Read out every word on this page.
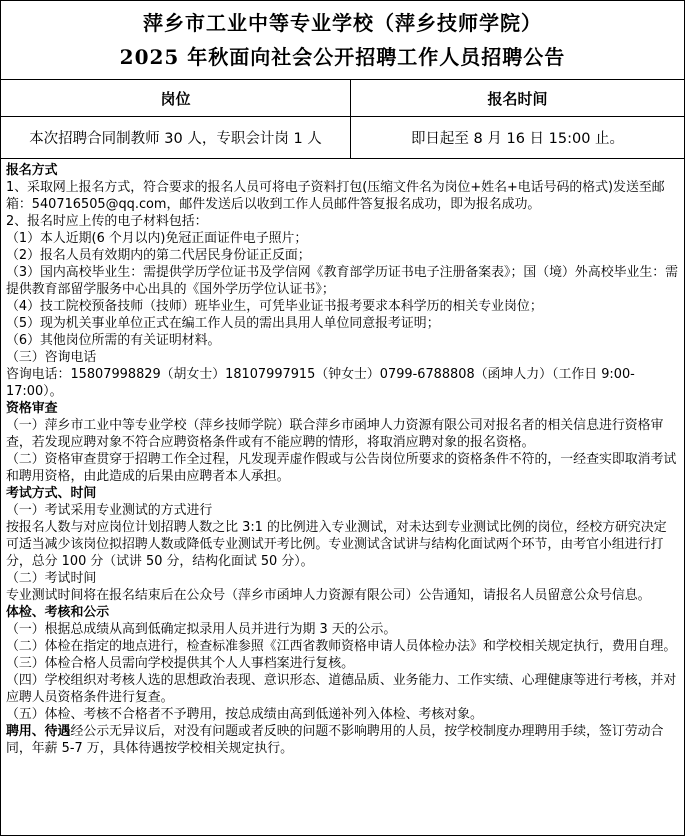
萍乡市工业中等专业学校（萍乡技师学院）
2025 年秋面向社会公开招聘工作人员招聘公告
岗位	报名时间
本次招聘合同制教师 30 人，专职会计岗 1 人	即日起至 8 月 16 日 15:00 止。

报名方式

1、采取网上报名方式，符合要求的报名人员可将电子资料打包(压缩文件名为岗位+姓名+电话号码的格式)发送至邮箱：540716505@qq.com，邮件发送后以收到工作人员邮件答复报名成功，即为报名成功。

2、报名时应上传的电子材料包括：

（1）本人近期(6 个月以内)免冠正面证件电子照片；

（2）报名人员有效期内的第二代居民身份证正反面；

（3）国内高校毕业生：需提供学历学位证书及学信网《教育部学历证书电子注册备案表》；国（境）外高校毕业生：需提供教育部留学服务中心出具的《国外学历学位认证书》；

（4）技工院校预备技师（技师）班毕业生，可凭毕业证书报考要求本科学历的相关专业岗位；

（5）现为机关事业单位正式在编工作人员的需出具用人单位同意报考证明；

（6）其他岗位所需的有关证明材料。

（三）咨询电话

咨询电话：15807998829（胡女士）18107997915（钟女士）0799-6788808（函坤人力）（工作日 9:00-17:00）。

资格审查

（一）萍乡市工业中等专业学校（萍乡技师学院）联合萍乡市函坤人力资源有限公司对报名者的相关信息进行资格审查，若发现应聘对象不符合应聘资格条件或有不能应聘的情形，将取消应聘对象的报名资格。

（二）资格审查贯穿于招聘工作全过程，凡发现弄虚作假或与公告岗位所要求的资格条件不符的，一经查实即取消考试和聘用资格，由此造成的后果由应聘者本人承担。

考试方式、时间

（一）考试采用专业测试的方式进行

按报名人数与对应岗位计划招聘人数之比 3:1 的比例进入专业测试，对未达到专业测试比例的岗位，经校方研究决定可适当减少该岗位拟招聘人数或降低专业测试开考比例。专业测试含试讲与结构化面试两个环节，由考官小组进行打分，总分 100 分（试讲 50 分，结构化面试 50 分）。

（二）考试时间

专业测试时间将在报名结束后在公众号（萍乡市函坤人力资源有限公司）公告通知，请报名人员留意公众号信息。

体检、考核和公示

（一）根据总成绩从高到低确定拟录用人员并进行为期 3 天的公示。

（二）体检在指定的地点进行，检查标准参照《江西省教师资格申请人员体检办法》和学校相关规定执行，费用自理。

（三）体检合格人员需向学校提供其个人人事档案进行复核。

（四）学校组织对考核人选的思想政治表现、意识形态、道德品质、业务能力、工作实绩、心理健康等进行考核，并对应聘人员资格条件进行复查。

（五）体检、考核不合格者不予聘用，按总成绩由高到低递补列入体检、考核对象。

聘用、待遇经公示无异议后，对没有问题或者反映的问题不影响聘用的人员，按学校制度办理聘用手续，签订劳动合同，年薪 5-7 万，具体待遇按学校相关规定执行。
